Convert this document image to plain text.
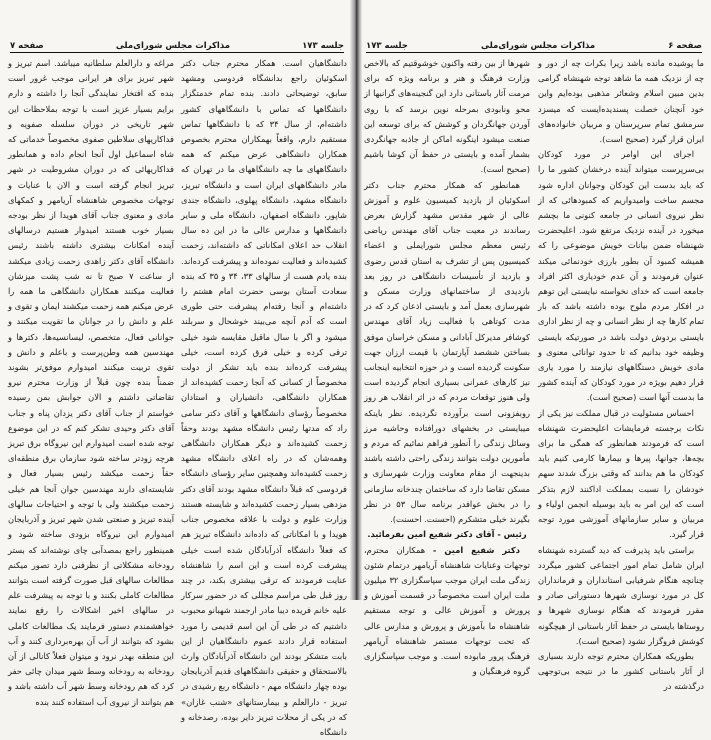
صفحه ۷	مذاکرات مجلس شورای‌ملی	جلسه ۱۷۳

دانشگاهیان است. همکار محترم جناب دکتر اسکوئیان راجع بدانشگاه فردوسی ومشهد سابق، توضیحاتی دادند. بنده تمام خدمتگزار دانشگاهها که تماس با دانشگاههای کشور داشته‌ام، از سال ۳۴ که با دانشگاهها تماس مستقیم دارم، واقعاً بهمکاران محترم بخصوص همکاران دانشگاهی عرض میکنم که همه دانشگاههای ما چه دانشگاههای ما در تهران که مادر دانشگاههای ایران است و دانشگاه تبریز، دانشگاه مشهد، دانشگاه پهلوی، دانشگاه جندی شاپور، دانشگاه اصفهان، دانشگاه ملی و سایر دانشگاهها و مدارس عالی ما در این ده سال انقلاب حد اعلای امکاناتی که داشته‌اند، زحمت کشیده‌اند و فعالیت نموده‌اند و پیشرفت کرده‌اند. بنده یادم هست از سالهای ۳۳، ۳۴ و ۳۵ که بنده سعادت آستان بوسی حضرت امام هشتم را داشته‌ام و آنجا رفته‌ام پیشرفت حتی طوری است که آدم آنچه می‌بیند خوشحال و سربلند میشود و اگر با سال ماقبل مقایسه شود خیلی ترقی کرده و خیلی فرق کرده است، خیلی پیشرفت کرده‌اند بنده باید تشکر از دولت مخصوصاً از کسانی که آنجا زحمت کشیده‌اند از همکاران دانشگاهی، دانشیاران و استادان مخصوصاً رؤسای دانشگاهها و آقای دکتر سامی راد که مدتها رئیس دانشگاه مشهد بودند وحقاً زحمت کشیده‌اند و دیگر همکاران دانشگاهی وهمه‌شان که در راه اعلای دانشگاه مشهد زحمت کشیده‌اند وهمچنین سایر رؤسای دانشگاه فردوسی که قبلاً دانشگاه مشهد بودند آقای دکتر مزدهی بسیار زحمت کشیده‌اند و شایسته هستند وزارت علوم و دولت با علاقه مخصوص جناب هویدا و با امکاناتی که داده‌اند دانشگاه تبریز هم که فعلاً دانشگاه آذرآبادگان شده است خیلی پیشرفت کرده است و این اسم را شاهنشاه عنایت فرمودند که ترقی بیشتری بکند، در چند روز قبل طی مراسم مجللی که در حضور سرکار علیه خانم فریده دیبا مادر ارجمند شهبانو محبوب داشتیم که در طی آن این اسم قدیمی را مورد استفاده قرار دادند عموم دانشگاهیان از این بابت متشکر بودند این دانشگاه آذرآبادگان وارث بالاستحقاق و حقیقی دانشگاههای قدیم آذربایجان بوده چهار دانشگاه مهم - دانشگاه ربع رشیدی در تبریز - دارالعلم و بیمارستانهای «شنب غازان» که در یکی از محلات تبریز دایر بوده، رصدخانه و دانشگاه

مراغه و دارالعلم سلطانیه میباشد. اسم تبریز و شهر تبریز برای هر ایرانی موجب غرور است بنده که افتخار نمایندگی آنجا را داشته و دارم برایم بسیار عزیز است با توجه بملاحظات این شهر تاریخی در دوران سلسله صفویه و فداکاریهای سلاطین صفوی مخصوصاً خدماتی که شاه اسماعیل اول آنجا انجام داده و همانطور فداکاریهائی که در دوران مشروطیت در شهر تبریز انجام گرفته است و الان با عنایات و توجهات مخصوص شاهنشاه آریامهر و کمکهای مادی و معنوی جناب آقای هویدا از نظر بودجه بسیار خوب هستند امیدوار هستیم درسالهای آینده امکانات بیشتری داشته باشند رئیس دانشگاه آقای دکتر زاهدی زحمت زیادی میکشد از ساعت ۷ صبح تا نه شب پشت میزشان فعالیت میکنند همکاران دانشگاهی ما همه را عرض میکنم همه زحمت میکشند ایمان و تقوی و علم و دانش را در جوانان ما تقویت میکنند و جوانانی فعال، متخصص، لیسانسیه‌ها، دکترها و مهندسین همه وطن‌پرست و باعلم و دانش و تقوی تربیت میکنند امیدوارم موفق‌تر بشوند ضمناً بنده چون قبلاً از وزارت محترم نیرو تقاضاتی داشتم و الان جوابش بمن رسیده خواستم از جناب آقای دکتر یزدان پناه و جناب آقای دکتر وحیدی تشکر کنم که در این موضوع توجه شده است امیدوارم این نیروگاه برق تبریز هرچه زودتر ساخته شود سازمان برق منطقه‌ای حقاً زحمت میکشد رئیس بسیار فعال و شایسته‌ای دارند مهندسین جوان آنجا هم خیلی زحمت میکشند ولی با توجه و احتیاجات سالهای آینده تبریز و صنعتی شدن شهر تبریز و آذربایجان امیدوارم این نیروگاه بزودی ساخته شود و همینطور راجع بمصدآبی چای نوشته‌اند که بستر رودخانه مشکلاتی از نظرفنی دارد تصور میکنم مطالعات سالهای قبل صورت گرفته است بتوانند مطالعات کاملی بکنند و با توجه به پیشرفت علم در سالهای اخیر اشکالات را رفع نمایند خواهشمندم دستور فرمایند یک مطالعات کاملی بشود که بتوانند از آب آن بهره‌برداری کنند و آب این منطقه بهدر نرود و میتوان فعلاً کانالی از آن رودخانه به رودخانه وسط شهر میدان چائی حفر کرد که هم رودخانه وسط شهر آب داشته باشد و هم بتوانند از نیروی آب استفاده کنند بنده

جلسه ۱۷۳	مذاکرات مجلس شورای‌ملی	صفحه ۶

ما پوشیده مانده باشد زیرا بکرات چه از دور و چه از نزدیک همه ما شاهد توجه شهنشاه گرامی بدین مبین اسلام وشعائر مذهبی بوده‌ایم واین خود آنچنان خصلت پسندیده‌ایست که میسزد سرمشق تمام سرپرستان و مربیان خانواده‌های ایران قرار گیرد (صحیح است).

اجرای این اوامر در مورد کودکان بی‌سرپرست میتواند آینده درخشان کشور ما را که باید بدست این کودکان وجوانان اداره شود مجسم ساخت وامیدواریم که کمبودهائی که از نظر نیروی انسانی در جامعه کنونی ما بچشم میخورد در آینده نزدیک مرتفع شود. اعلیحضرت شهنشاه ضمن بیانات خویش موضوعی را که همیشه کمبود آن بطور بارزی خودنمائی میکند عنوان فرمودند و آن عدم خودیاری اکثر افراد جامعه است که خدای نخواسته نبایستی این توهم در افکار مردم ملوح بوده داشته باشد که بار تمام کارها چه از نظر انسانی و چه از نظر اداری بایستی بردوش دولت باشد در صورتیکه بایستی وظیفه خود بدانیم که تا حدود توانائی معنوی و مادی خویش دستگاههای نیازمند را مورد یاری قرار دهیم بویژه در مورد کودکان که آینده کشور ما بدست آنها است (صحیح است).

احساس مسئولیت در قبال مملکت نیز یکی از نکات برجسته فرمایشات اعلیحضرت شهنشاه است که فرمودند همانطور که همگی ما برای بچه‌ها، جوانها، پیرها و بیمارها کارمی کنیم باید کودکان ما هم بدانند که وقتی بزرگ شدند سهم خودشان را نسبت بمملکت اداکنند لازم بتذکر است که این امر به باید بوسیله انجمن اولیاء و مربیان و سایر سازمانهای آموزشی مورد توجه قرار گیرد.

براستی باید پذیرفت که دید گسترده شهنشاه ایران شامل تمام امور اجتماعی کشور میگردد چنانچه هنگام شرفیابی استانداران و فرمانداران کل در مورد نوسازی شهرها دستوراتی صادر و مقرر فرمودند که هنگام نوسازی شهرها و روستاها بایستی در حفظ آثار باستانی از هیچگونه کوشش فروگزار نشود (صحیح است).

بطوریکه همکاران محترم توجه دارند بسیاری از آثار باستانی کشور ما در نتیجه بی‌توجهی درگذشته در

شهرها از بین رفته واکنون خوشوقتیم که بالاخص وزارت فرهنگ و هنر و برنامه ویژه که برای مرمت آثار باستانی دارد این گنجینه‌های گرانبها از محو ونابودی بمرحله نوین برسد که با روی آوردن جهانگردان و کوشش که برای توسعه این صنعت میشود اینگونه اماکن از جاذبه جهانگردی بشمار آمده و بایستی در حفظ آن کوشا باشیم (صحیح است).

همانطور که همکار محترم جناب دکتر اسکوئیان از بازدید کمیسیون علوم و آموزش عالی از شهر مقدس مشهد گزارش بعرض رساندند در معیت جناب آقای مهندس ریاضی رئیس معظم مجلس شورایملی و اعضاء کمیسیون پس از تشرف به استان قدس رضوی و بازدید از تأسیسات دانشگاهی در روز بعد بازدیدی از ساختمانهای وزارت مسکن و شهرسازی بعمل آمد و بایستی اذعان کرد که در مدت کوتاهی با فعالیت زیاد آقای مهندس کوشافر مدیرکل آبادانی و مسکن خراسان موفق بساختن ششصد آپارتمان با قیمت ارزان جهت سکونت گردیده است و در حوزه انتخابیه اینجانب نیز کارهای عمرانی بسیاری انجام گردیده است ولی هنوز توقعات مردم که در اثر انقلاب هر روز روبفزونی است برآورده نگردیده. نظر باینکه میبایستی در بخشهای دورافتاده وحاشیه مرز وسائل زندگی را آنطور فراهم نمائیم که مردم و مأمورین دولت بتوانند زندگی راحتی داشته باشند بدینجهت از مقام معاونت وزارت شهرسازی و مسکن تقاضا دارد که ساختمان چندخانه سازمانی را در بخش عوافدر برنامه سال ۵۳ در نظر بگیرند خیلی متشکرم (احسنت. احسنت).

رئیس - آقای دکتر شفیع امین بفرمائید.

دکتر شفیع امین - همکاران محترم، توجهات وعنایات شاهنشاه آریامهر درتمام شئون زندگی ملت ایران موجب سپاسگزاری ۳۲ میلیون ملت ایران است مخصوصاً در قسمت آموزش و پرورش و آموزش عالی و توجه مستقیم شاهنشاه ما بآموزش و پرورش و مدارس عالی که تحت توجهات مستمر شاهنشاه آریامهر فرهنگ پرور مابوده است. و موجب سپاسگزاری گروه فرهنگیان و
